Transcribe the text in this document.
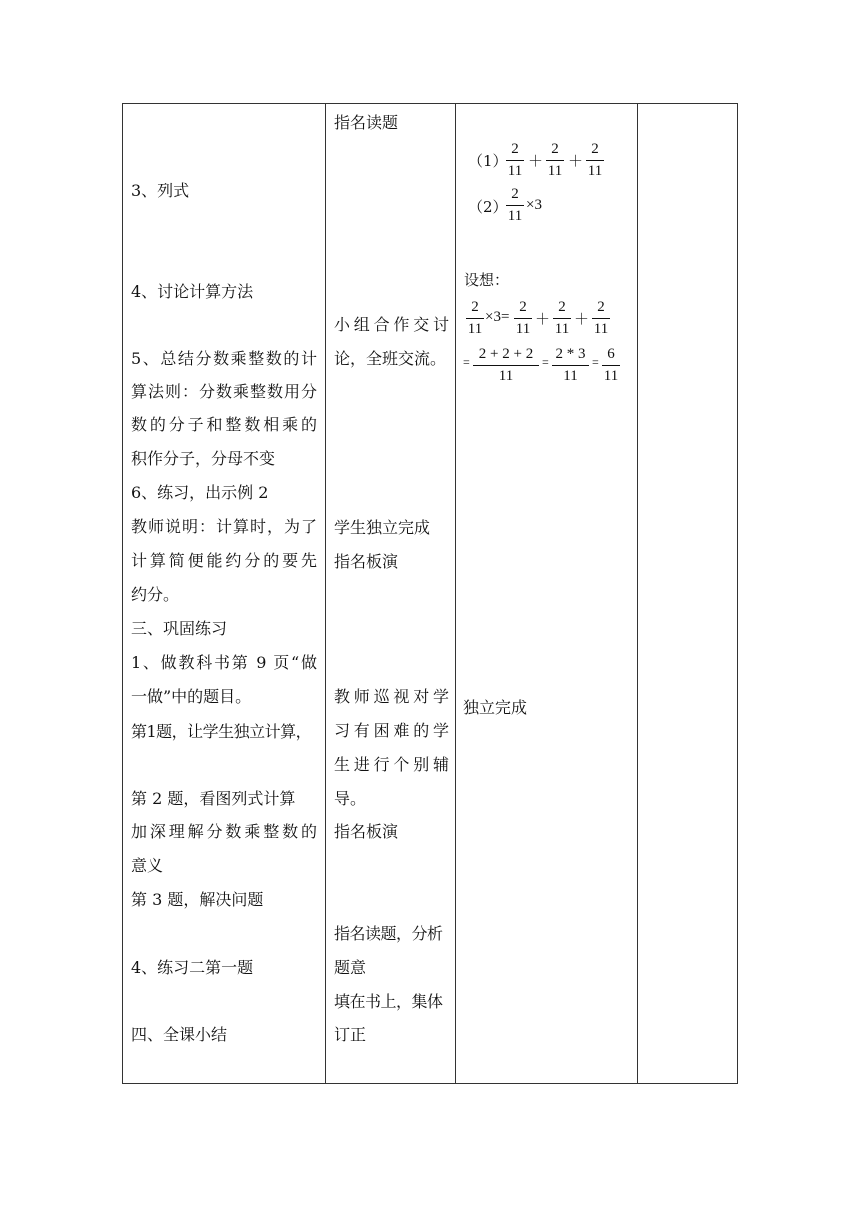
3、列式
4、讨论计算方法
5、总结分数乘整数的计
算法则：分数乘整数用分
数的分子和整数相乘的
积作分子，分母不变
6、练习，出示例 2
教师说明：计算时，为了
计算简便能约分的要先
约分。
三、巩固练习
1、做教科书第 9 页“做
一做”中的题目。
第1题，让学生独立计算，
第 2 题，看图列式计算
加深理解分数乘整数的
意义
第 3 题，解决问题
4、练习二第一题
四、全课小结
指名读题
小组合作交讨
论，全班交流。
学生独立完成
指名板演
教师巡视对学
习有困难的学
生进行个别辅
导。
指名板演
指名读题，分析
题意
填在书上，集体
订正
（1）
2
11
＋
2
11
＋
2
11
（2）
2
11
×3
设想：
2
11
×3=
2
11
＋
2
11
＋
2
11
= 2 + 2 + 2
11
= 2 * 3
11
= 6
11
独立完成
